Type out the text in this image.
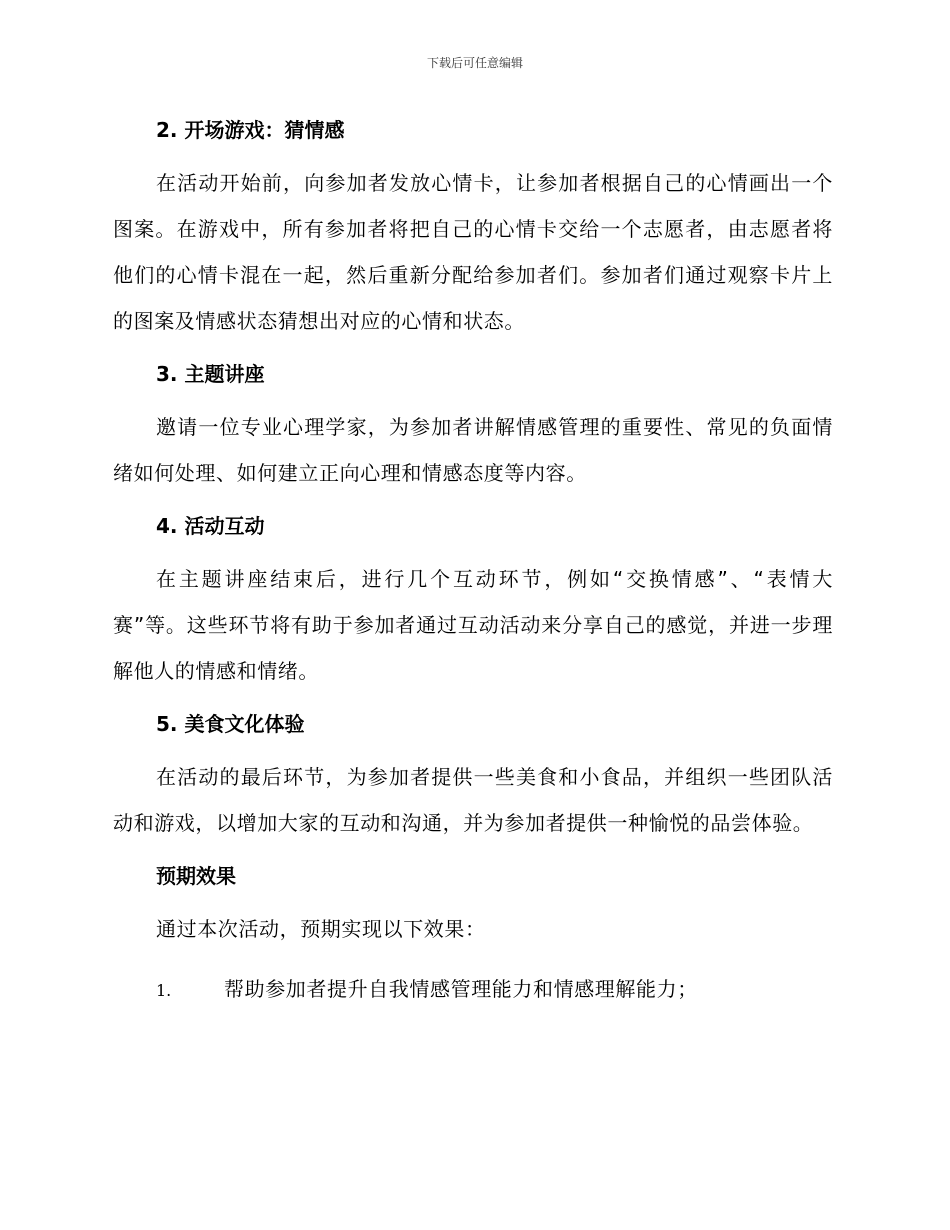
下载后可任意编辑
2. 开场游戏：猜情感

在活动开始前，向参加者发放心情卡，让参加者根据自己的心情画出一个图案。在游戏中，所有参加者将把自己的心情卡交给一个志愿者，由志愿者将他们的心情卡混在一起，然后重新分配给参加者们。参加者们通过观察卡片上的图案及情感状态猜想出对应的心情和状态。

3. 主题讲座

邀请一位专业心理学家，为参加者讲解情感管理的重要性、常见的负面情绪如何处理、如何建立正向心理和情感态度等内容。

4. 活动互动

在主题讲座结束后，进行几个互动环节，例如“交换情感”、“表情大赛”等。这些环节将有助于参加者通过互动活动来分享自己的感觉，并进一步理解他人的情感和情绪。

5. 美食文化体验

在活动的最后环节，为参加者提供一些美食和小食品，并组织一些团队活动和游戏，以增加大家的互动和沟通，并为参加者提供一种愉悦的品尝体验。

预期效果

通过本次活动，预期实现以下效果：

1.	帮助参加者提升自我情感管理能力和情感理解能力；
